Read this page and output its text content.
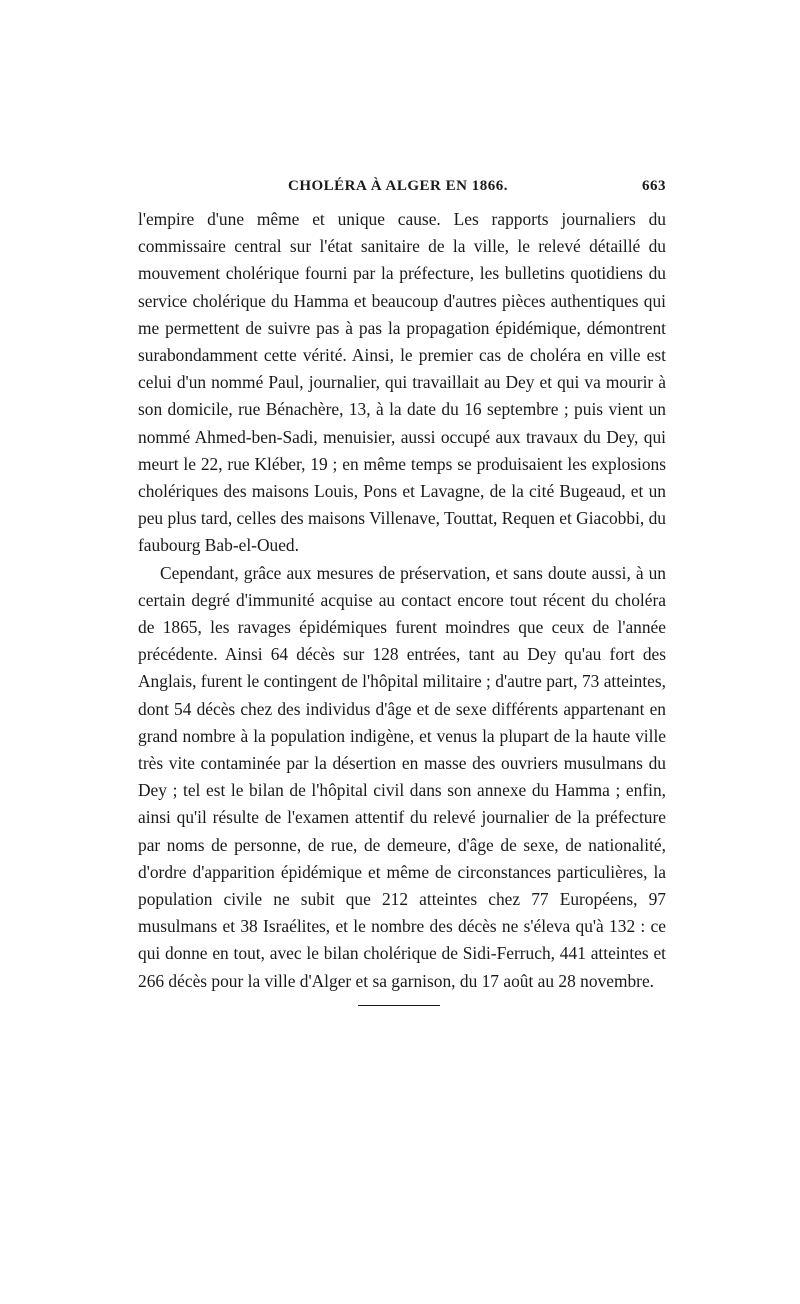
CHOLÉRA À ALGER EN 1866.	663

l'empire d'une même et unique cause. Les rapports journaliers du commissaire central sur l'état sanitaire de la ville, le relevé détaillé du mouvement cholérique fourni par la préfecture, les bulletins quotidiens du service cholérique du Hamma et beaucoup d'autres pièces authentiques qui me permettent de suivre pas à pas la propagation épidémique, démontrent surabondamment cette vérité. Ainsi, le premier cas de choléra en ville est celui d'un nommé Paul, journalier, qui travaillait au Dey et qui va mourir à son domicile, rue Bénachère, 13, à la date du 16 septembre ; puis vient un nommé Ahmed-ben-Sadi, menuisier, aussi occupé aux travaux du Dey, qui meurt le 22, rue Kléber, 19 ; en même temps se produisaient les explosions cholériques des maisons Louis, Pons et Lavagne, de la cité Bugeaud, et un peu plus tard, celles des maisons Villenave, Touttat, Requen et Giacobbi, du faubourg Bab-el-Oued.

Cependant, grâce aux mesures de préservation, et sans doute aussi, à un certain degré d'immunité acquise au contact encore tout récent du choléra de 1865, les ravages épidémiques furent moindres que ceux de l'année précédente. Ainsi 64 décès sur 128 entrées, tant au Dey qu'au fort des Anglais, furent le contingent de l'hôpital militaire ; d'autre part, 73 atteintes, dont 54 décès chez des individus d'âge et de sexe différents appartenant en grand nombre à la population indigène, et venus la plupart de la haute ville très vite contaminée par la désertion en masse des ouvriers musulmans du Dey ; tel est le bilan de l'hôpital civil dans son annexe du Hamma ; enfin, ainsi qu'il résulte de l'examen attentif du relevé journalier de la préfecture par noms de personne, de rue, de demeure, d'âge de sexe, de nationalité, d'ordre d'apparition épidémique et même de circonstances particulières, la population civile ne subit que 212 atteintes chez 77 Européens, 97 musulmans et 38 Israélites, et le nombre des décès ne s'éleva qu'à 132 : ce qui donne en tout, avec le bilan cholérique de Sidi-Ferruch, 441 atteintes et 266 décès pour la ville d'Alger et sa garnison, du 17 août au 28 novembre.
